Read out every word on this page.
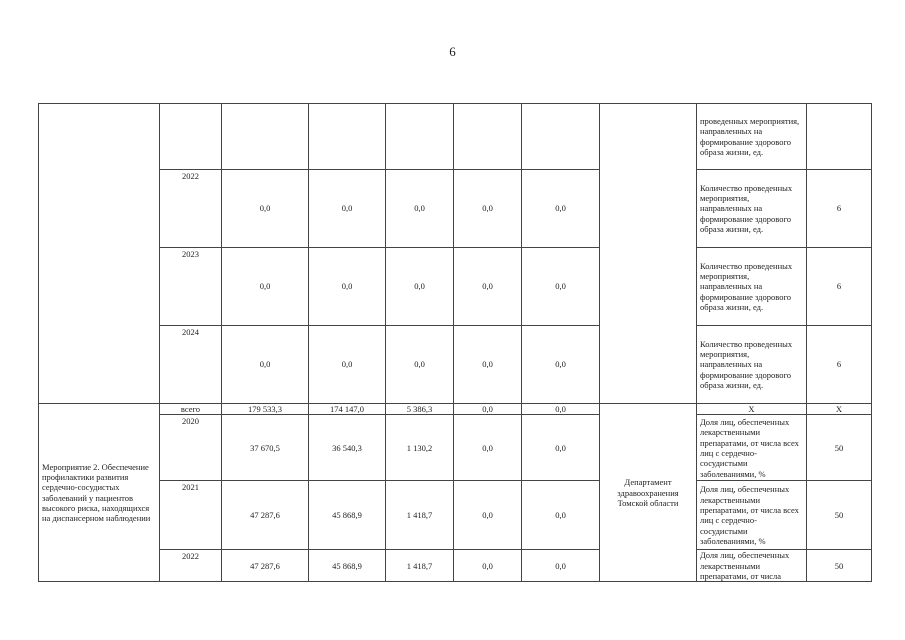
6
								проведенных мероприятия, направленных на формирование здорового образа жизни, ед.	

	2022	0,0	0,0	0,0	0,0	0,0		Количество проведенных мероприятия, направленных на формирование здорового образа жизни, ед.	6

	2023	0,0	0,0	0,0	0,0	0,0		Количество проведенных мероприятия, направленных на формирование здорового образа жизни, ед.	6

	2024	0,0	0,0	0,0	0,0	0,0		Количество проведенных мероприятия, направленных на формирование здорового образа жизни, ед.	6
Мероприятие 2. Обеспечение профилактики развития сердечно-сосудистых заболеваний у пациентов высокого риска, находящихся на диспансерном наблюдении	всего	179 533,3	174 147,0	5 386,3	0,0	0,0	Департамент здравоохранения Томской области	X	X

	2020	37 670,5	36 540,3	1 130,2	0,0	0,0		Доля лиц, обеспеченных лекарственными препаратами, от числа всех лиц с сердечно-сосудистыми заболеваниями, %	50

	2021	47 287,6	45 868,9	1 418,7	0,0	0,0		Доля лиц, обеспеченных лекарственными препаратами, от числа всех лиц с сердечно-сосудистыми заболеваниями, %	50

	2022	47 287,6	45 868,9	1 418,7	0,0	0,0		Доля лиц, обеспеченных лекарственными препаратами, от числа	50
